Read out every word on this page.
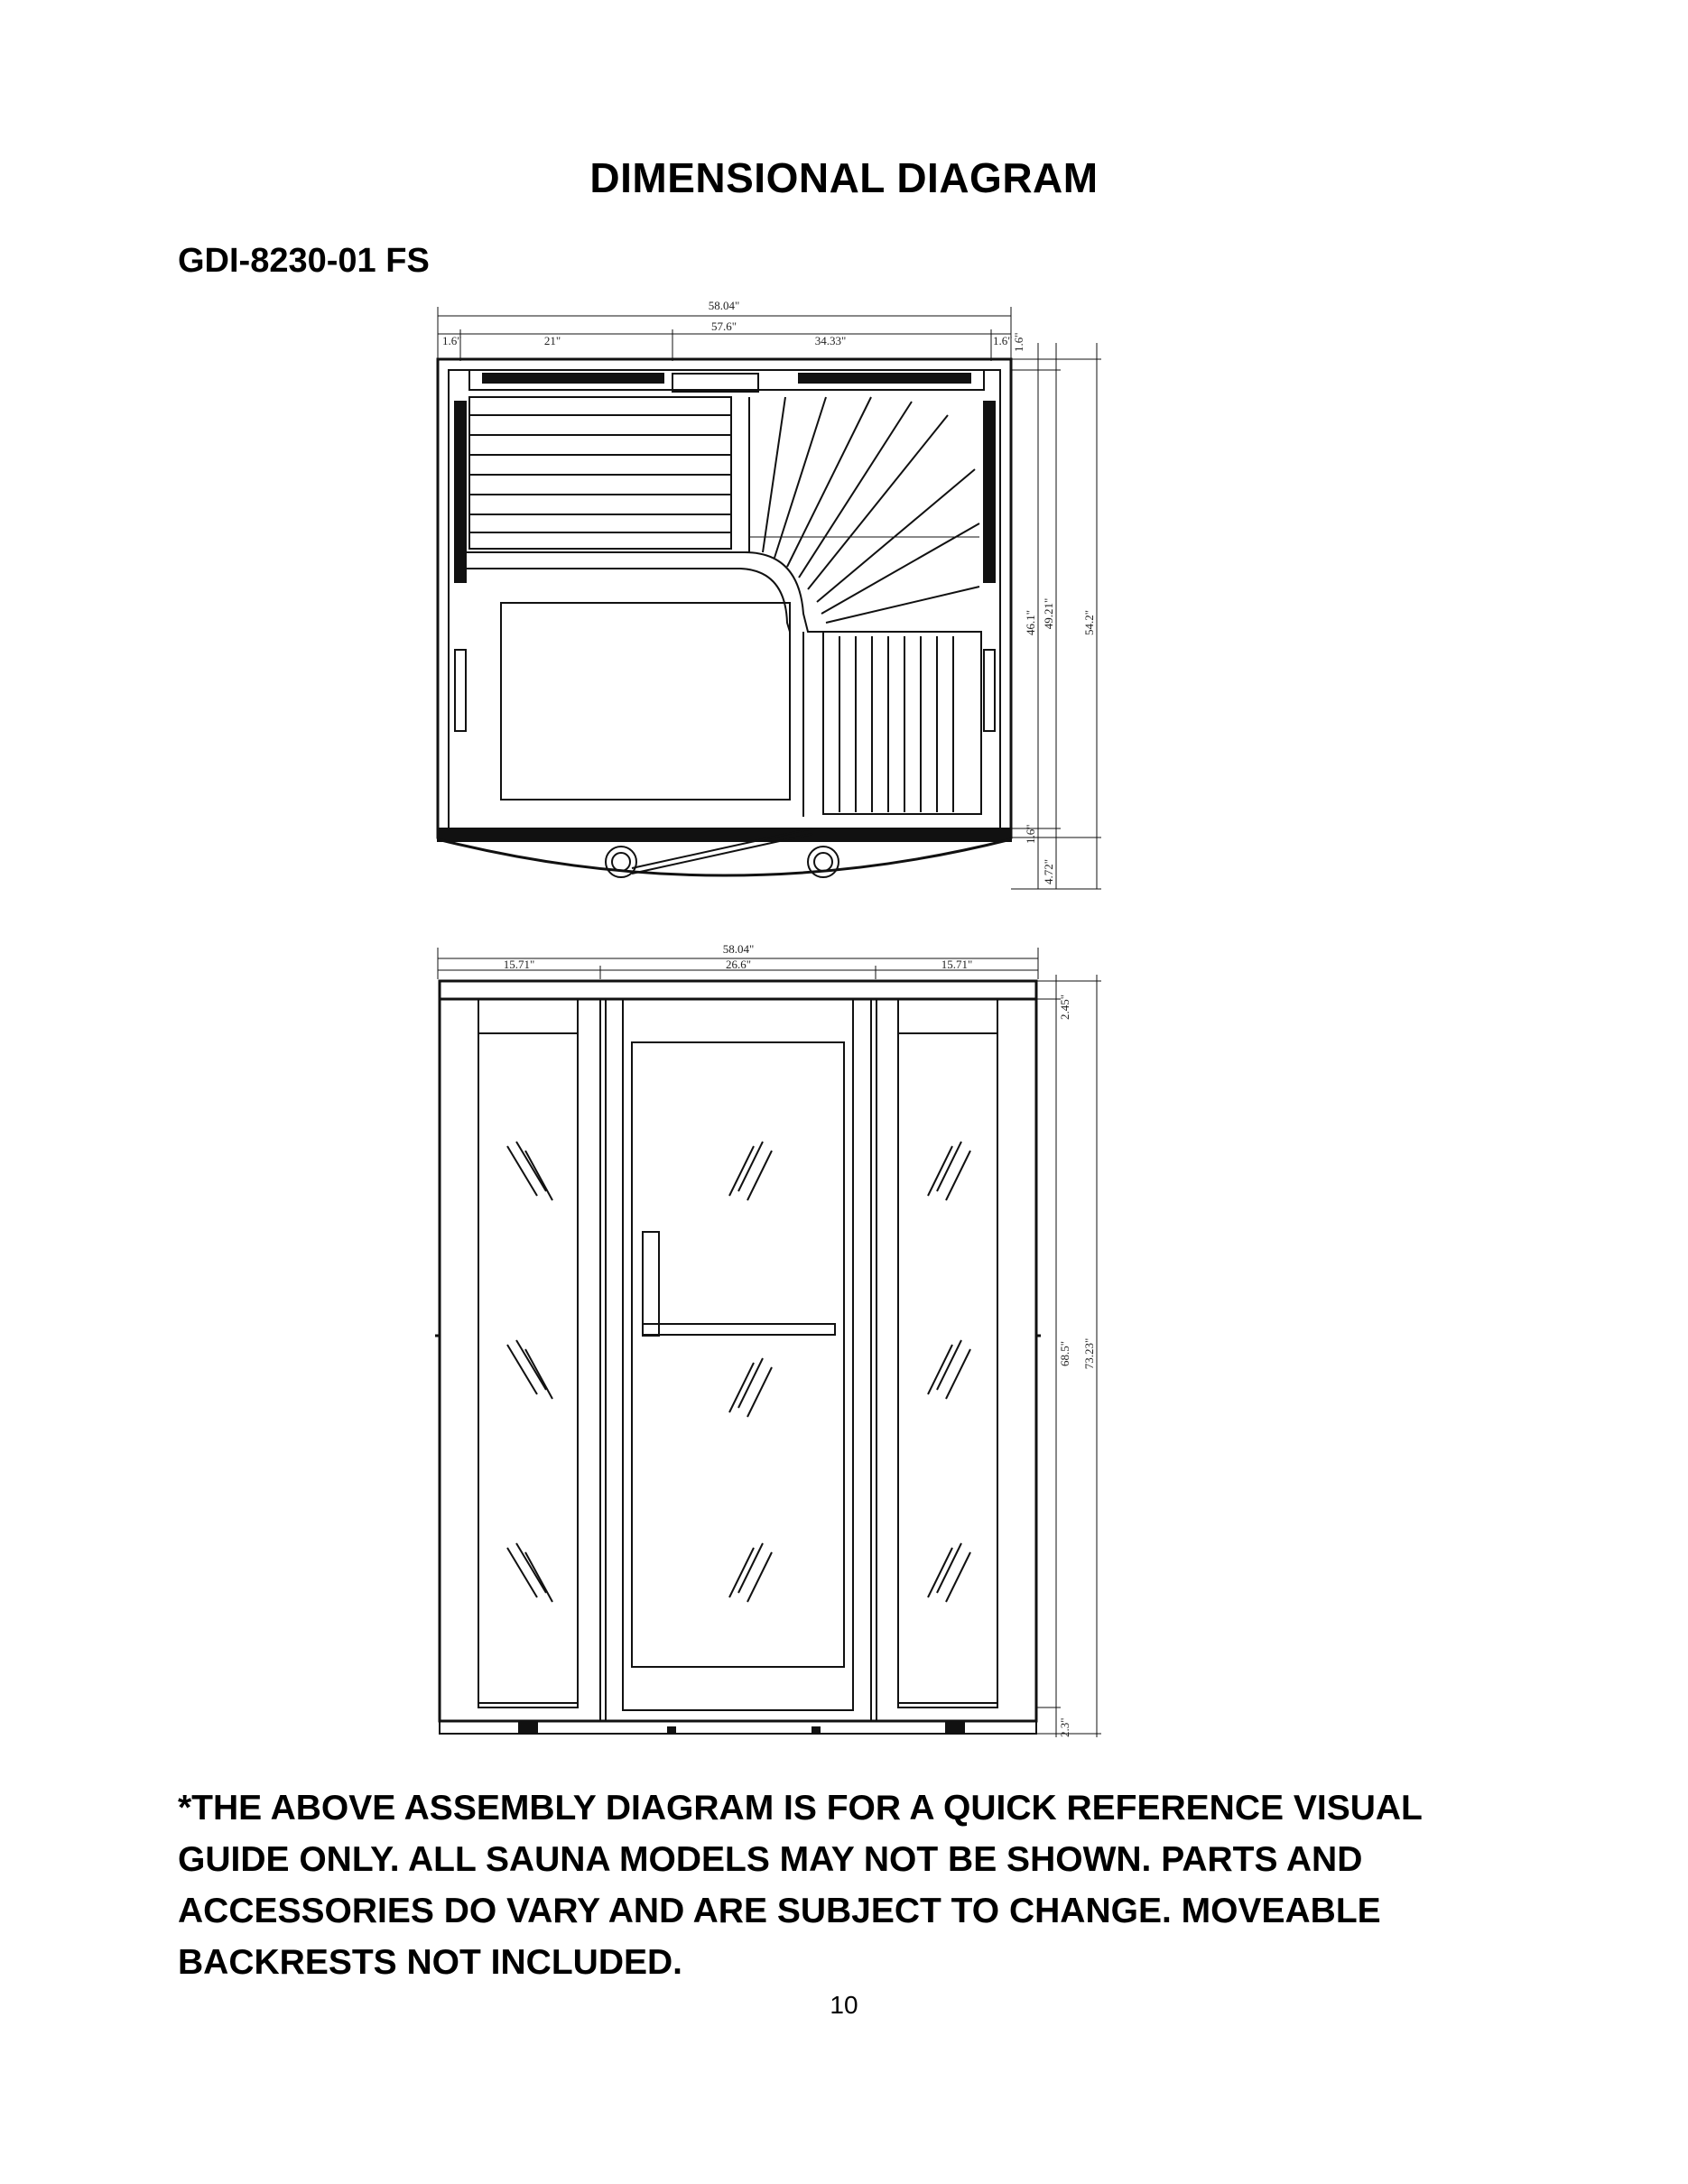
DIMENSIONAL DIAGRAM
GDI-8230-01 FS
58.04"
57.6"
1.6"	21"	34.33"	1.6" 1.6"
46.1" 49.21" 54.2"
1.6"
4.72"
58.04"
15.71"	26.6"	15.71"
2.45"
68.5" 73.23"
2.3"

*THE ABOVE ASSEMBLY DIAGRAM IS FOR A QUICK REFERENCE VISUAL GUIDE ONLY. ALL SAUNA MODELS MAY NOT BE SHOWN. PARTS AND ACCESSORIES DO VARY AND ARE SUBJECT TO CHANGE. MOVEABLE BACKRESTS NOT INCLUDED.

10
